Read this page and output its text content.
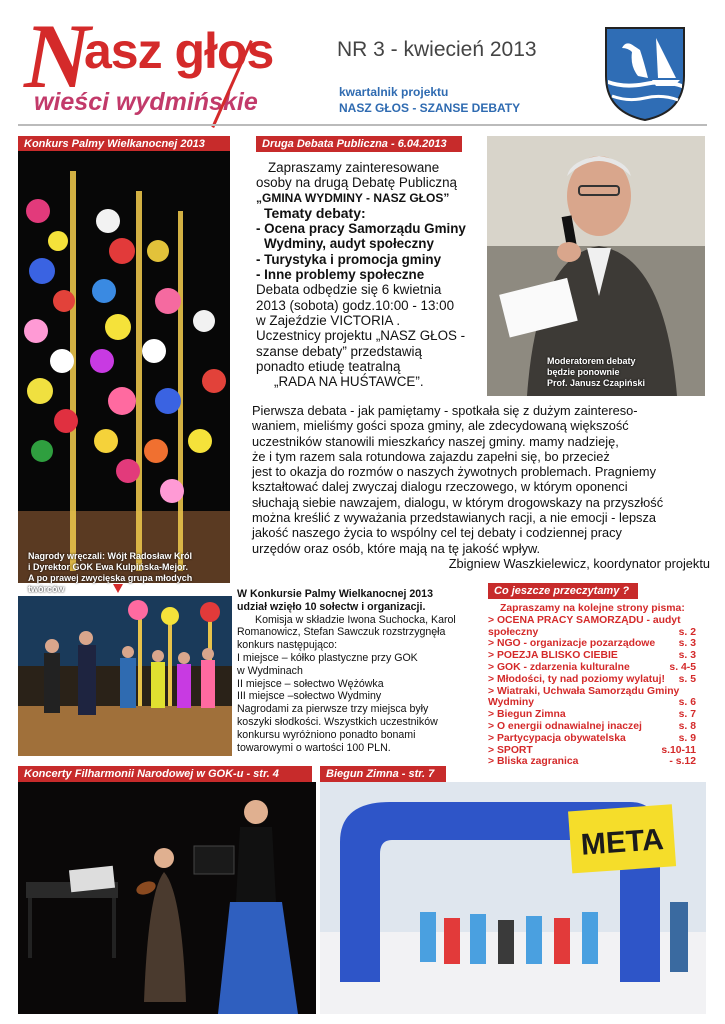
N
asz głos
wieści wydmińskie
NR 3 - kwiecień 2013
kwartalnik projektu
NASZ GŁOS - SZANSE DEBATY
Konkurs Palmy Wielkanocnej 2013
Nagrody wręczali: Wójt Radosław Król
i Dyrektor GOK Ewa Kulpińska-Mejor.
A po prawej zwycięska grupa młodych twórców
Druga Debata Publiczna - 6.04.2013

Zapraszamy zainteresowane

osoby na drugą Debatę Publiczną

„GMINA WYDMINY - NASZ GŁOS”

Tematy debaty:

- Ocena pracy Samorządu Gminy

Wydminy, audyt społeczny

- Turystyka i promocja gminy

- Inne problemy społeczne

Debata odbędzie się 6 kwietnia

2013 (sobota) godz.10:00 - 13:00

w Zajeździe VICTORIA .

Uczestnicy projektu „NASZ GŁOS -

szanse debaty” przedstawią

ponadto etiudę teatralną

„RADA NA HUŚTAWCE”.

Moderatorem debaty
będzie ponownie
Prof. Janusz Czapiński

Pierwsza debata - jak pamiętamy - spotkała się z dużym zaintereso-

waniem, mieliśmy gości spoza gminy, ale zdecydowaną większość

uczestników stanowili mieszkańcy naszej gminy. mamy nadzieję,

że i tym razem sala rotundowa zajazdu zapełni się, bo przecież

jest to okazja do rozmów o naszych żywotnych problemach. Pragniemy

kształtować dalej zwyczaj dialogu rzeczowego, w którym oponenci

słuchają siebie nawzajem, dialogu, w którym drogowskazy na przyszłość

można kreślić z wyważania przedstawianych racji, a nie emocji - lepsza

jakość naszego życia to wspólny cel tej debaty i codziennej pracy

urzędów oraz osób, które mają na tę jakość wpływ.

Zbigniew Waszkielewicz, koordynator projektu

W Konkursie Palmy Wielkanocnej 2013

udział wzięło 10 sołectw i organizacji.

Komisja w składzie Iwona Suchocka, Karol

Romanowicz, Stefan Sawczuk rozstrzygnęła

konkurs następująco:

I miejsce – kółko plastyczne przy GOK

w Wydminach

II miejsce – sołectwo Wężówka

III miejsce –sołectwo Wydminy

Nagrodami za pierwsze trzy miejsca były

koszyki słodkości. Wszystkich uczestników

konkursu wyróżniono ponadto bonami

towarowymi o wartości 100 PLN.

Co jeszcze przeczytamy ?

Zapraszamy na kolejne strony pisma:

> OCENA PRACY SAMORZĄDU - audyt
społeczny	s. 2
> NGO - organizacje pozarządowe s. 3
> POEZJA BLISKO CIEBIE	s. 3
> GOK - zdarzenia kulturalne	s. 4-5
> Młodości, ty nad poziomy wylatuj! s. 5
> Wiatraki, Uchwała Samorządu Gminy
Wydminy	s. 6
> Biegun Zimna	s. 7
> O energii odnawialnej inaczej	s. 8
> Partycypacja obywatelska	s. 9
> SPORT	s.10-11
> Bliska zagranica	- s.12
Koncerty Filharmonii Narodowej w GOK-u - str. 4	Biegun Zimna - str. 7
META
